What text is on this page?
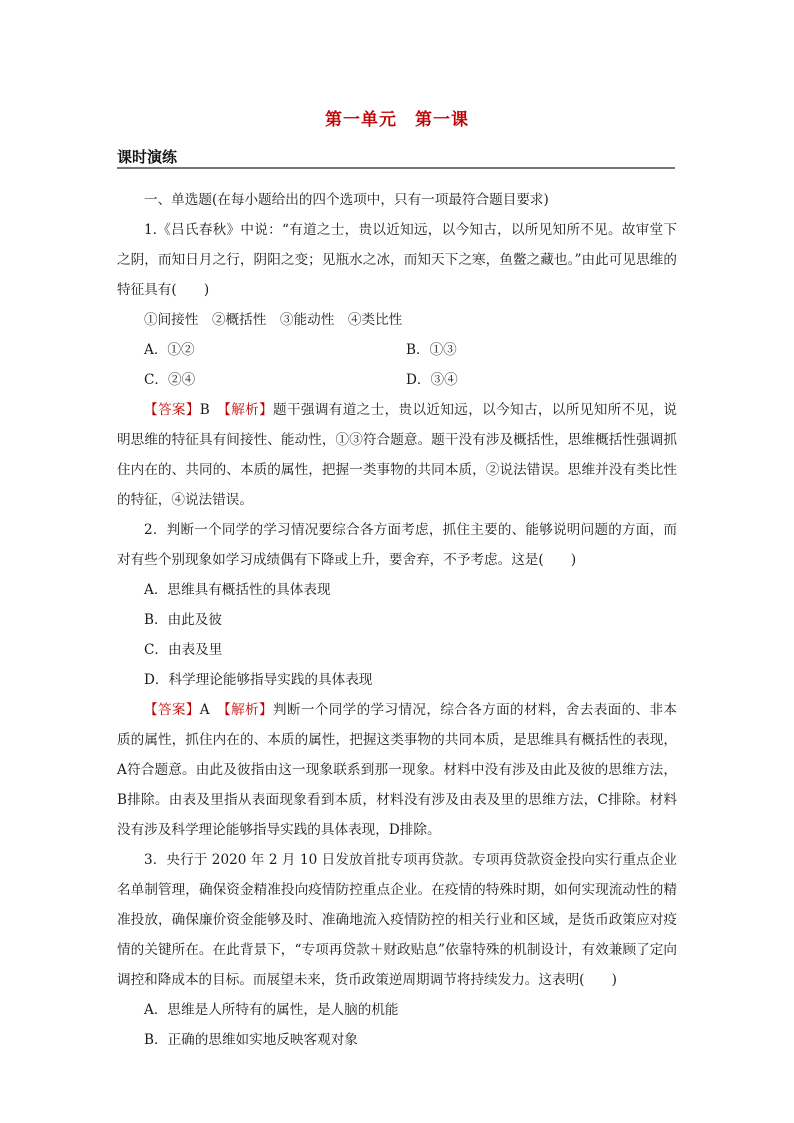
第一单元　第一课
课时演练

一、单选题(在每小题给出的四个选项中，只有一项最符合题目要求)

1.《吕氏春秋》中说：“有道之士，贵以近知远，以今知古，以所见知所不见。故审堂下之阴，而知日月之行，阴阳之变；见瓶水之冰，而知天下之寒，鱼鳖之藏也。”由此可见思维的特征具有(　　)

①间接性　②概括性　③能动性　④类比性

A．①②	B．①③
C．②④	D．③④

【答案】B　【解析】题干强调有道之士，贵以近知远，以今知古，以所见知所不见，说明思维的特征具有间接性、能动性，①③符合题意。题干没有涉及概括性，思维概括性强调抓住内在的、共同的、本质的属性，把握一类事物的共同本质，②说法错误。思维并没有类比性的特征，④说法错误。

2．判断一个同学的学习情况要综合各方面考虑，抓住主要的、能够说明问题的方面，而对有些个别现象如学习成绩偶有下降或上升，要舍弃，不予考虑。这是(　　)

A．思维具有概括性的具体表现

B．由此及彼

C．由表及里

D．科学理论能够指导实践的具体表现

【答案】A　【解析】判断一个同学的学习情况，综合各方面的材料，舍去表面的、非本质的属性，抓住内在的、本质的属性，把握这类事物的共同本质，是思维具有概括性的表现，A符合题意。由此及彼指由这一现象联系到那一现象。材料中没有涉及由此及彼的思维方法，B排除。由表及里指从表面现象看到本质，材料没有涉及由表及里的思维方法，C排除。材料没有涉及科学理论能够指导实践的具体表现，D排除。

3．央行于 2020 年 2 月 10 日发放首批专项再贷款。专项再贷款资金投向实行重点企业名单制管理，确保资金精准投向疫情防控重点企业。在疫情的特殊时期，如何实现流动性的精准投放，确保廉价资金能够及时、准确地流入疫情防控的相关行业和区域，是货币政策应对疫情的关键所在。在此背景下，“专项再贷款＋财政贴息”依靠特殊的机制设计，有效兼顾了定向调控和降成本的目标。而展望未来，货币政策逆周期调节将持续发力。这表明(　　)

A．思维是人所特有的属性，是人脑的机能

B．正确的思维如实地反映客观对象
